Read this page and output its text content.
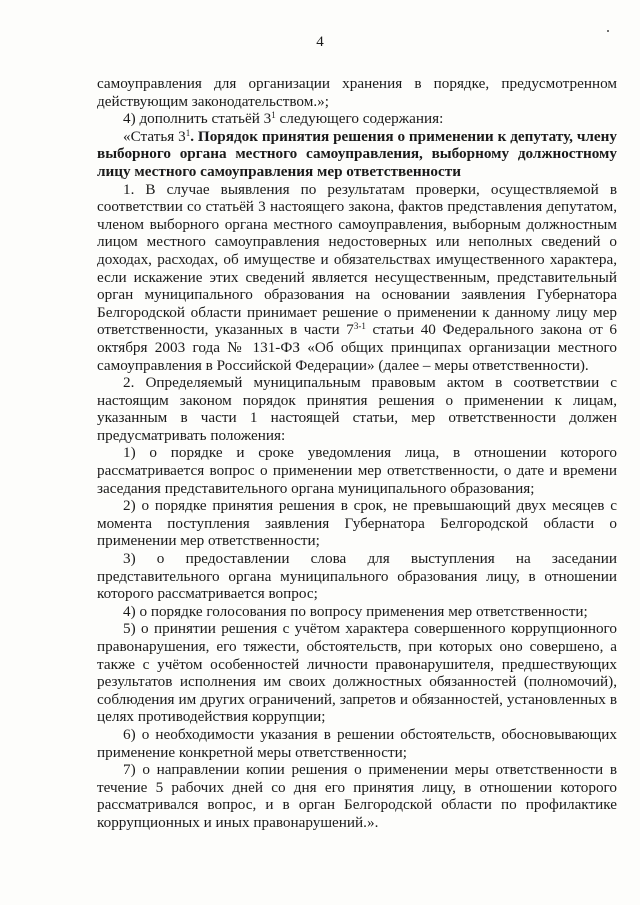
4

самоуправления для организации хранения в порядке, предусмотренном действующим законодательством.»;

4) дополнить статьёй $3^1$ следующего содержания:

«Статья $3^1$. Порядок принятия решения о применении к депутату, члену выборного органа местного самоуправления, выборному должностному лицу местного самоуправления мер ответственности

1. В случае выявления по результатам проверки, осуществляемой в соответствии со статьёй 3 настоящего закона, фактов представления депутатом, членом выборного органа местного самоуправления, выборным должностным лицом местного самоуправления недостоверных или неполных сведений о доходах, расходах, об имуществе и обязательствах имущественного характера, если искажение этих сведений является несущественным, представительный орган муниципального образования на основании заявления Губернатора Белгородской области принимает решение о применении к данному лицу мер ответственности, указанных в части 7$^{3-1}$ статьи 40 Федерального закона от 6 октября 2003 года № 131-ФЗ «Об общих принципах организации местного самоуправления в Российской Федерации» (далее – меры ответственности).

2. Определяемый муниципальным правовым актом в соответствии с настоящим законом порядок принятия решения о применении к лицам, указанным в части 1 настоящей статьи, мер ответственности должен предусматривать положения:

1) о порядке и сроке уведомления лица, в отношении которого рассматривается вопрос о применении мер ответственности, о дате и времени заседания представительного органа муниципального образования;

2) о порядке принятия решения в срок, не превышающий двух месяцев с момента поступления заявления Губернатора Белгородской области о применении мер ответственности;

3) о предоставлении слова для выступления на заседании представительного органа муниципального образования лицу, в отношении которого рассматривается вопрос;

4) о порядке голосования по вопросу применения мер ответственности;

5) о принятии решения с учётом характера совершенного коррупционного правонарушения, его тяжести, обстоятельств, при которых оно совершено, а также с учётом особенностей личности правонарушителя, предшествующих результатов исполнения им своих должностных обязанностей (полномочий), соблюдения им других ограничений, запретов и обязанностей, установленных в целях противодействия коррупции;

6) о необходимости указания в решении обстоятельств, обосновывающих применение конкретной меры ответственности;

7) о направлении копии решения о применении меры ответственности в течение 5 рабочих дней со дня его принятия лицу, в отношении которого рассматривался вопрос, и в орган Белгородской области по профилактике коррупционных и иных правонарушений.».
